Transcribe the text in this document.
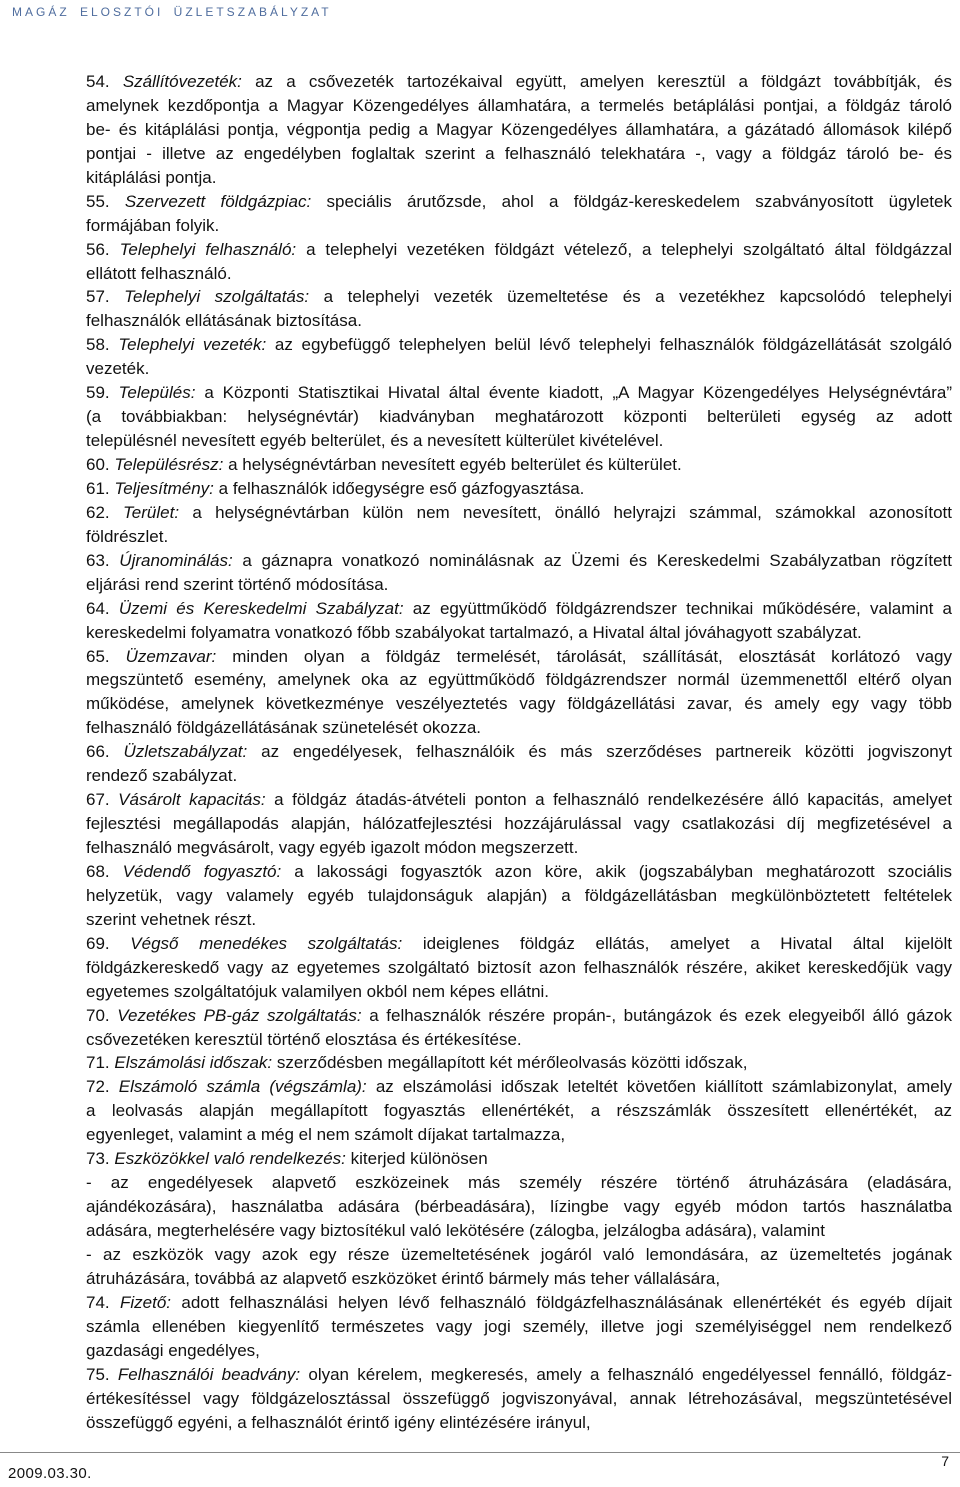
MAGÁZ ELOSZTÓI ÜZLETSZABÁLYZAT
54. Szállítóvezeték: az a csővezeték tartozékaival együtt, amelyen keresztül a földgázt továbbítják, és
amelynek kezdőpontja a Magyar Közengedélyes államhatára, a termelés betáplálási pontjai, a földgáz tároló
be- és kitáplálási pontja, végpontja pedig a Magyar Közengedélyes államhatára, a gázátadó állomások kilépő
pontjai - illetve az engedélyben foglaltak szerint a felhasználó telekhatára -, vagy a földgáz tároló be- és
kitáplálási pontja.
55. Szervezett földgázpiac: speciális árutőzsde, ahol a földgáz-kereskedelem szabványosított ügyletek
formájában folyik.
56. Telephelyi felhasználó: a telephelyi vezetéken földgázt vételező, a telephelyi szolgáltató által földgázzal
ellátott felhasználó.
57. Telephelyi szolgáltatás: a telephelyi vezeték üzemeltetése és a vezetékhez kapcsolódó telephelyi
felhasználók ellátásának biztosítása.
58. Telephelyi vezeték: az egybefüggő telephelyen belül lévő telephelyi felhasználók földgázellátását szolgáló
vezeték.
59. Település: a Központi Statisztikai Hivatal által évente kiadott, „A Magyar Közengedélyes Helységnévtára”
(a továbbiakban: helységnévtár) kiadványban meghatározott központi belterületi egység az adott
településnél nevesített egyéb belterület, és a nevesített külterület kivételével.
60. Településrész: a helységnévtárban nevesített egyéb belterület és külterület.
61. Teljesítmény: a felhasználók időegységre eső gázfogyasztása.
62. Terület: a helységnévtárban külön nem nevesített, önálló helyrajzi számmal, számokkal azonosított
földrészlet.
63. Újranominálás: a gáznapra vonatkozó nominálásnak az Üzemi és Kereskedelmi Szabályzatban rögzített
eljárási rend szerint történő módosítása.
64. Üzemi és Kereskedelmi Szabályzat: az együttműködő földgázrendszer technikai működésére, valamint a
kereskedelmi folyamatra vonatkozó főbb szabályokat tartalmazó, a Hivatal által jóváhagyott szabályzat.
65. Üzemzavar: minden olyan a földgáz termelését, tárolását, szállítását, elosztását korlátozó vagy
megszüntető esemény, amelynek oka az együttműködő földgázrendszer normál üzemmenettől eltérő olyan
működése, amelynek következménye veszélyeztetés vagy földgázellátási zavar, és amely egy vagy több
felhasználó földgázellátásának szünetelését okozza.
66. Üzletszabályzat: az engedélyesek, felhasználóik és más szerződéses partnereik közötti jogviszonyt
rendező szabályzat.
67. Vásárolt kapacitás: a földgáz átadás-átvételi ponton a felhasználó rendelkezésére álló kapacitás, amelyet
fejlesztési megállapodás alapján, hálózatfejlesztési hozzájárulással vagy csatlakozási díj megfizetésével a
felhasználó megvásárolt, vagy egyéb igazolt módon megszerzett.
68. Védendő fogyasztó: a lakossági fogyasztók azon köre, akik (jogszabályban meghatározott szociális
helyzetük, vagy valamely egyéb tulajdonságuk alapján) a földgázellátásban megkülönböztetett feltételek
szerint vehetnek részt.
69. Végső menedékes szolgáltatás: ideiglenes földgáz ellátás, amelyet a Hivatal által kijelölt
földgázkereskedő vagy az egyetemes szolgáltató biztosít azon felhasználók részére, akiket kereskedőjük vagy
egyetemes szolgáltatójuk valamilyen okból nem képes ellátni.
70. Vezetékes PB-gáz szolgáltatás: a felhasználók részére propán-, butángázok és ezek elegyeiből álló gázok
csővezetéken keresztül történő elosztása és értékesítése.
71. Elszámolási időszak: szerződésben megállapított két mérőleolvasás közötti időszak,
72. Elszámoló számla (végszámla): az elszámolási időszak leteltét követően kiállított számlabizonylat, amely
a leolvasás alapján megállapított fogyasztás ellenértékét, a részszámlák összesített ellenértékét, az
egyenleget, valamint a még el nem számolt díjakat tartalmazza,
73. Eszközökkel való rendelkezés: kiterjed különösen
- az engedélyesek alapvető eszközeinek más személy részére történő átruházására (eladására,
ajándékozására), használatba adására (bérbeadására), lízingbe vagy egyéb módon tartós használatba
adására, megterhelésére vagy biztosítékul való lekötésére (zálogba, jelzálogba adására), valamint
- az eszközök vagy azok egy része üzemeltetésének jogáról való lemondására, az üzemeltetés jogának
átruházására, továbbá az alapvető eszközöket érintő bármely más teher vállalására,
74. Fizető: adott felhasználási helyen lévő felhasználó földgázfelhasználásának ellenértékét és egyéb díjait
számla ellenében kiegyenlítő természetes vagy jogi személy, illetve jogi személyiséggel nem rendelkező
gazdasági engedélyes,
75. Felhasználói beadvány: olyan kérelem, megkeresés, amely a felhasználó engedélyessel fennálló, földgáz-
értékesítéssel vagy földgázelosztással összefüggő jogviszonyával, annak létrehozásával, megszüntetésével
összefüggő egyéni, a felhasználót érintő igény elintézésére irányul,
2009.03.30.
7
